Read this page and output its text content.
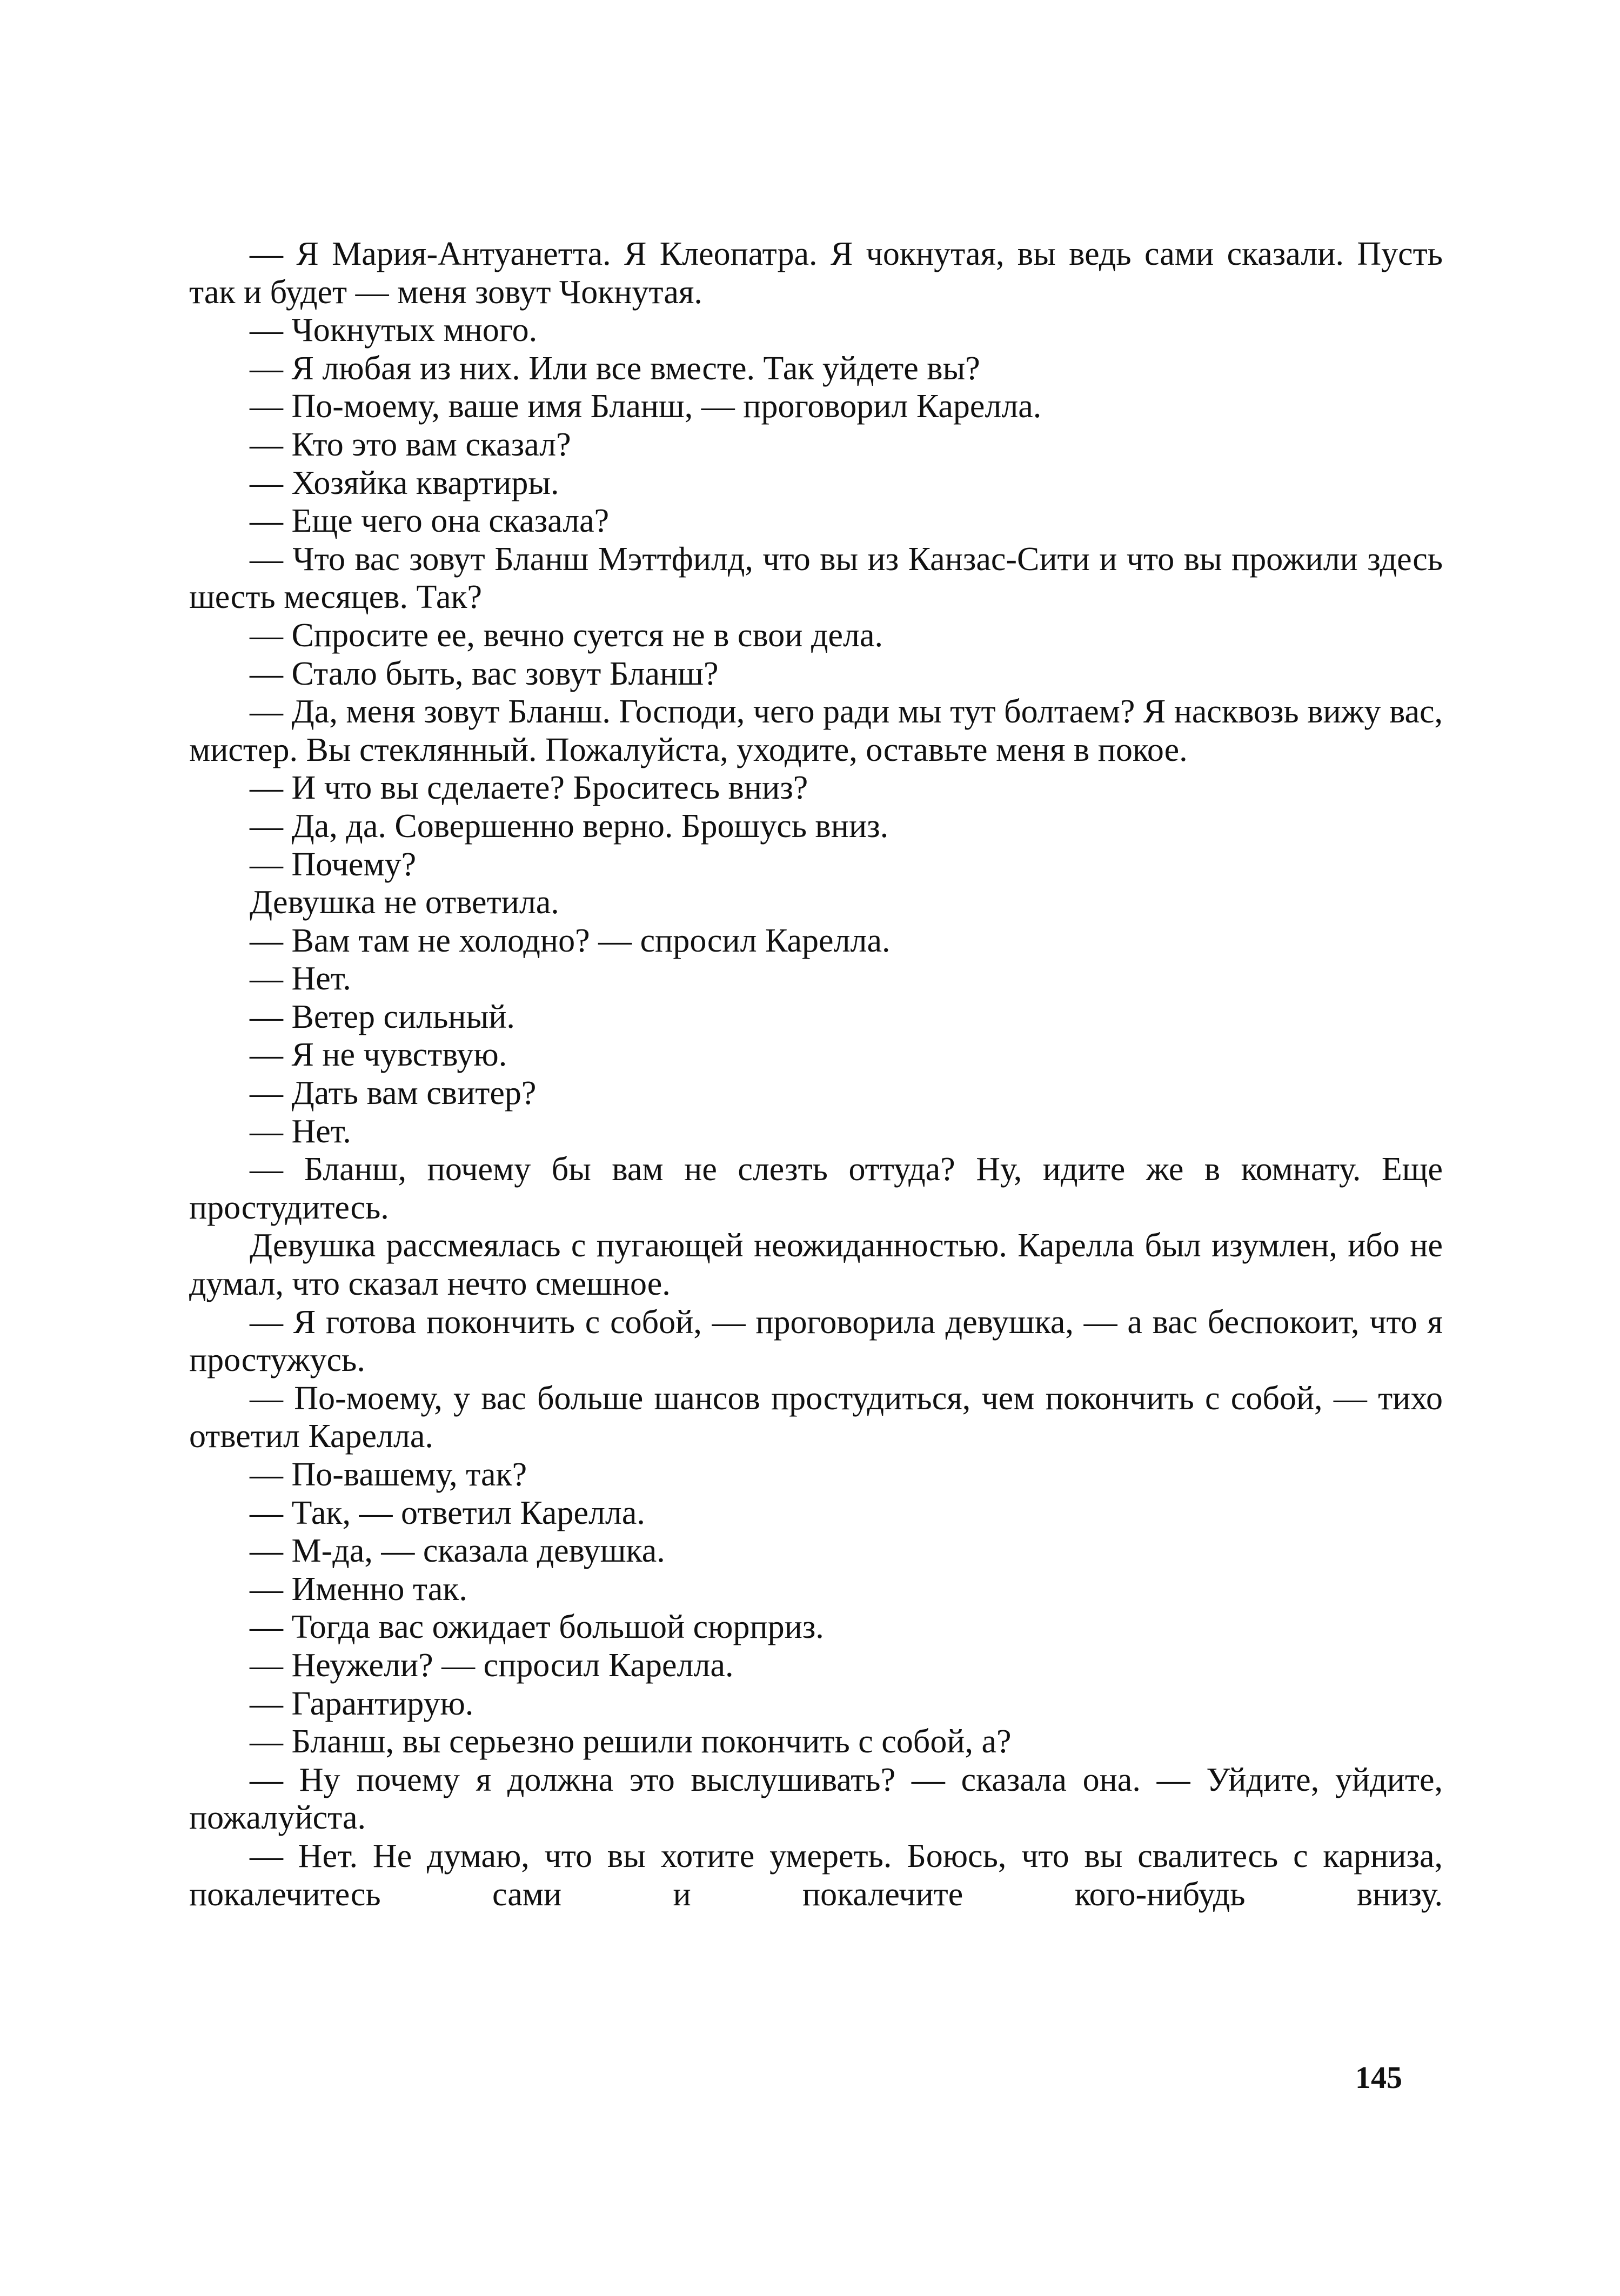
— Я Мария-Антуанетта. Я Клеопатра. Я чокнутая, вы ведь сами сказали. Пусть так и будет — меня зовут Чокнутая.

— Чокнутых много.

— Я любая из них. Или все вместе. Так уйдете вы?

— По-моему, ваше имя Бланш, — проговорил Карелла.

— Кто это вам сказал?

— Хозяйка квартиры.

— Еще чего она сказала?

— Что вас зовут Бланш Мэттфилд, что вы из Канзас-Сити и что вы прожили здесь шесть месяцев. Так?

— Спросите ее, вечно суется не в свои дела.

— Стало быть, вас зовут Бланш?

— Да, меня зовут Бланш. Господи, чего ради мы тут болтаем? Я насквозь вижу вас, мистер. Вы стеклянный. Пожалуйста, уходите, оставьте меня в покое.

— И что вы сделаете? Броситесь вниз?

— Да, да. Совершенно верно. Брошусь вниз.

— Почему?

Девушка не ответила.

— Вам там не холодно? — спросил Карелла.

— Нет.

— Ветер сильный.

— Я не чувствую.

— Дать вам свитер?

— Нет.

— Бланш, почему бы вам не слезть оттуда? Ну, идите же в комнату. Еще простудитесь.

Девушка рассмеялась с пугающей неожиданностью. Карелла был изумлен, ибо не думал, что сказал нечто смешное.

— Я готова покончить с собой, — проговорила девушка, — а вас беспокоит, что я простужусь.

— По-моему, у вас больше шансов простудиться, чем покончить с собой, — тихо ответил Карелла.

— По-вашему, так?

— Так, — ответил Карелла.

— М-да, — сказала девушка.

— Именно так.

— Тогда вас ожидает большой сюрприз.

— Неужели? — спросил Карелла.

— Гарантирую.

— Бланш, вы серьезно решили покончить с собой, а?

— Ну почему я должна это выслушивать? — сказала она. — Уйдите, уйдите, пожалуйста.

— Нет. Не думаю, что вы хотите умереть. Боюсь, что вы свалитесь с карниза, покалечитесь сами и покалечите кого-нибудь внизу.

145
